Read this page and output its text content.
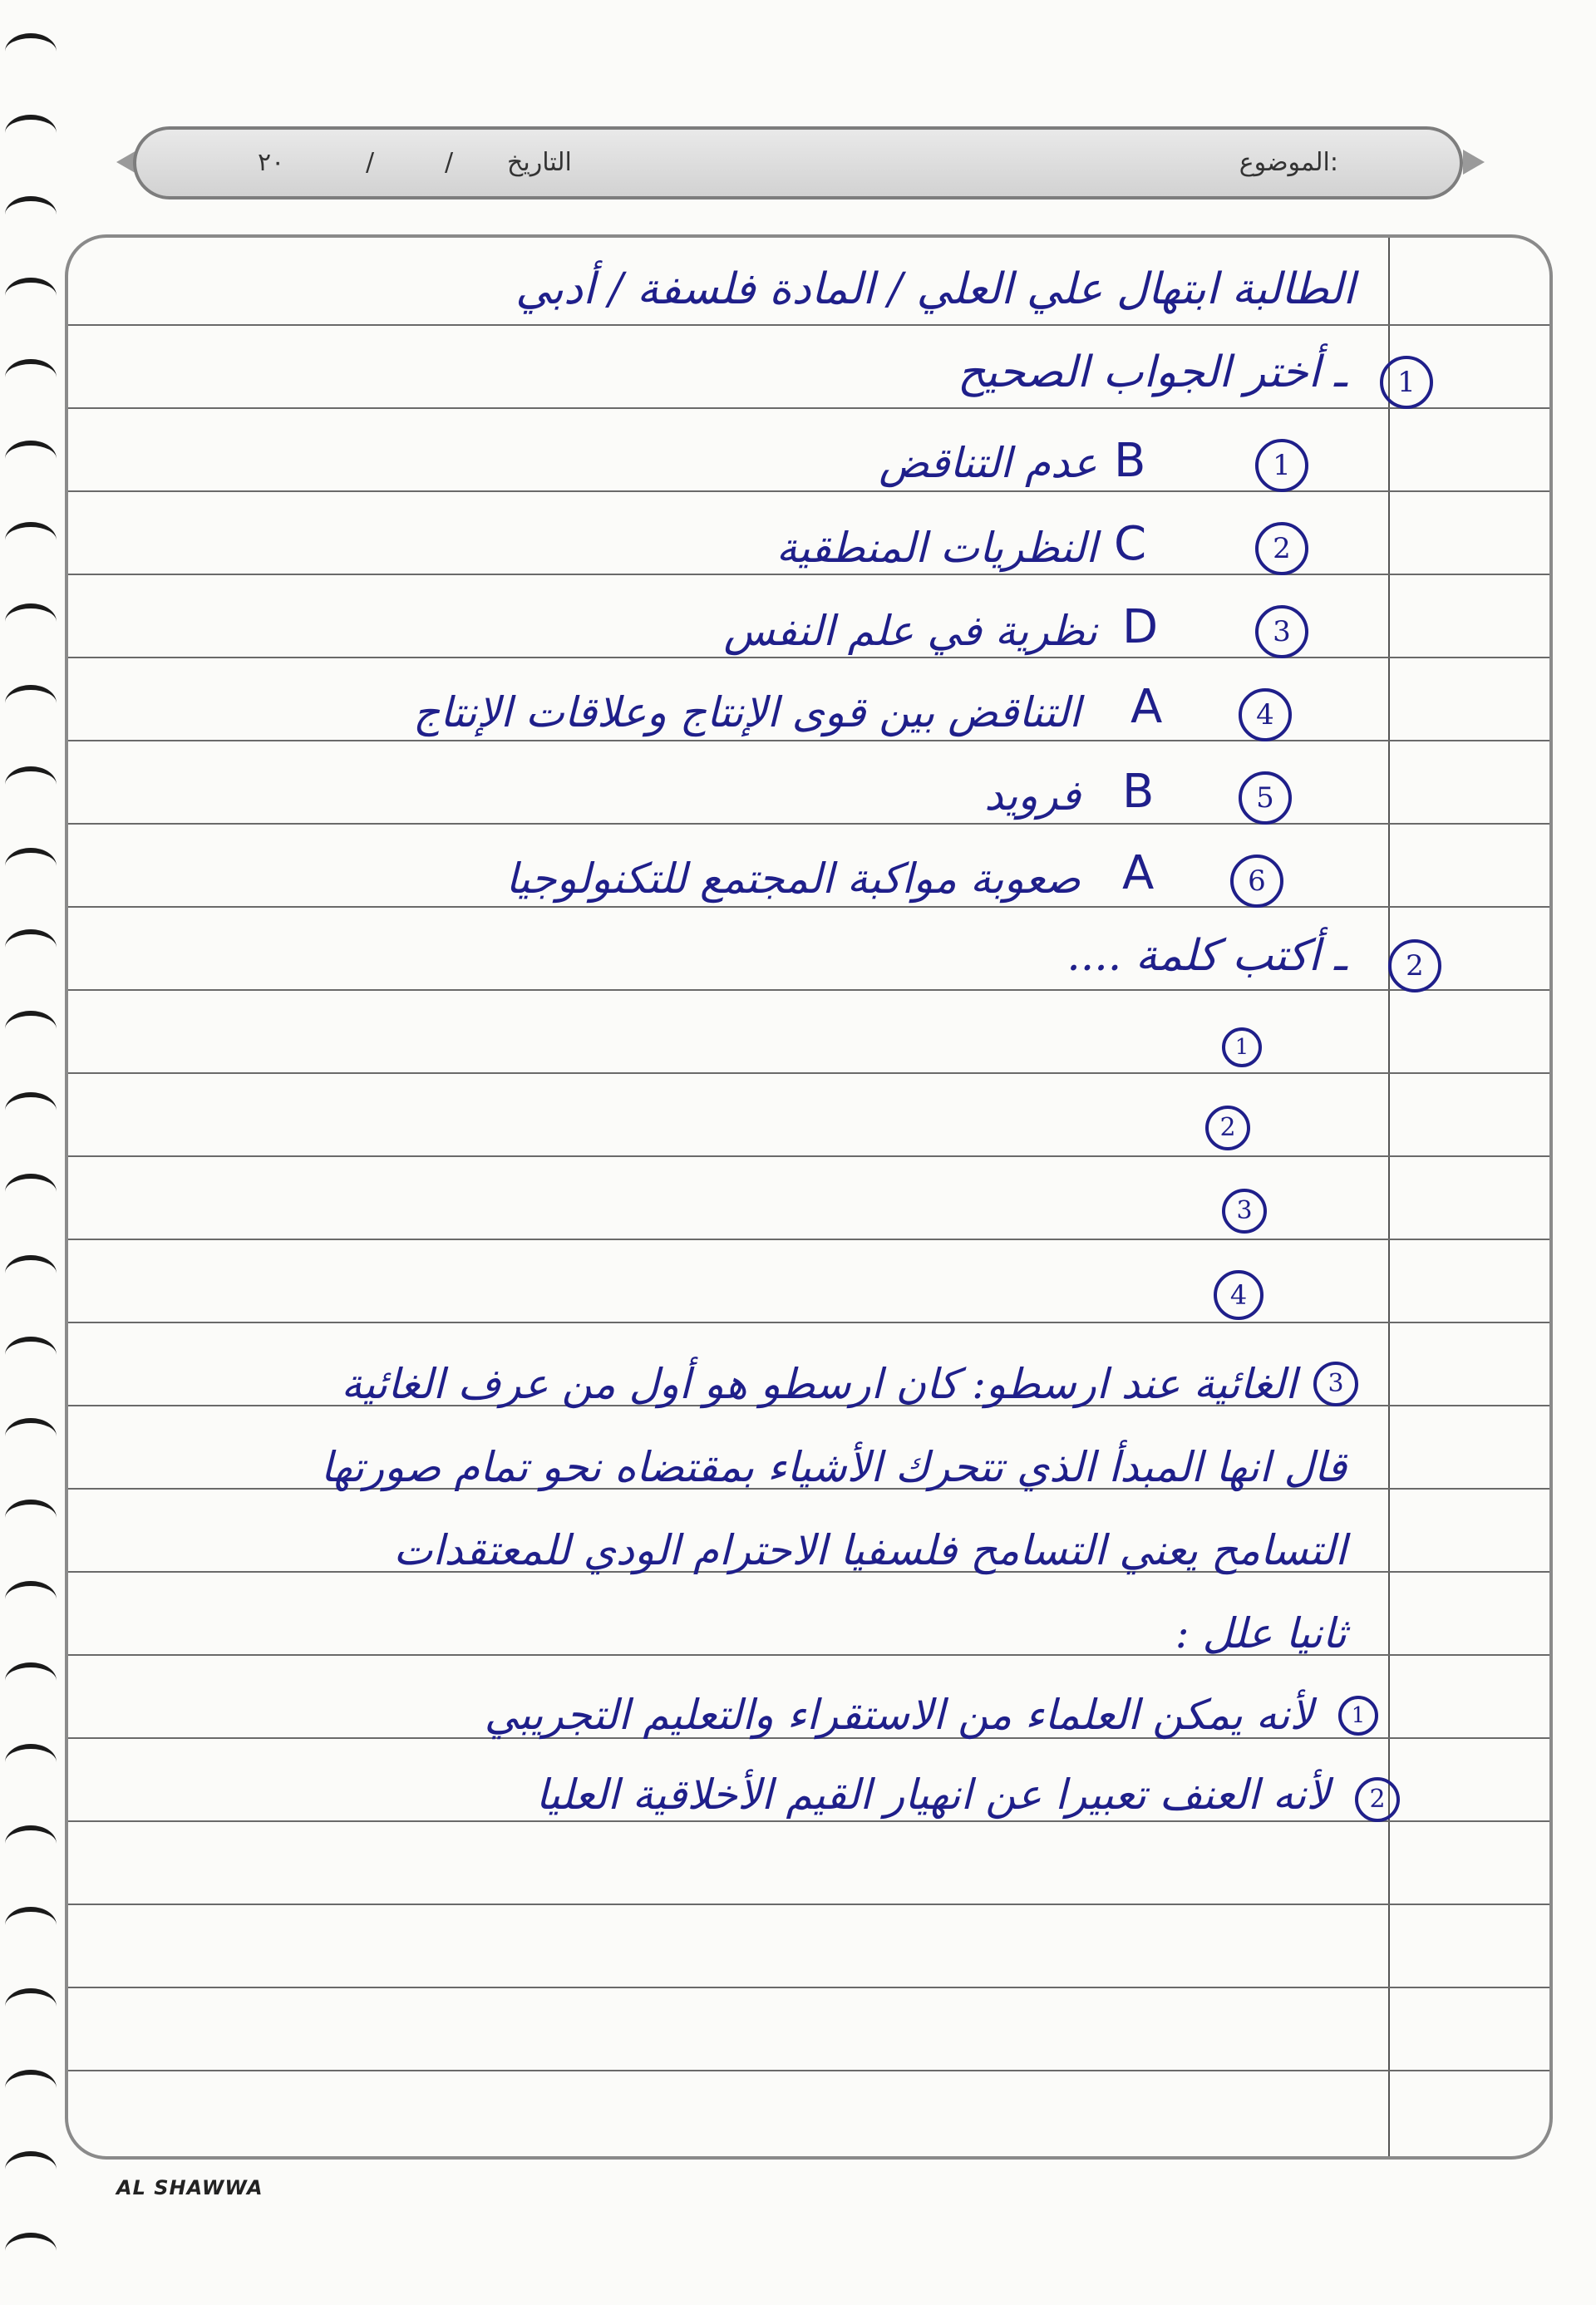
الموضوع:
التاريخ
/
/
٢٠
الطالبة ابتهال علي العلي / المادة فلسفة / أدبي
1
ـ أختر الجواب الصحيح
1
B
عدم التناقض
2
C
النظريات المنطقية
3
D
نظرية في علم النفس
4
A
التناقض بين قوى الإنتاج وعلاقات الإنتاج
5
B
فرويد
6
A
صعوبة مواكبة المجتمع للتكنولوجيا
2
ـ أكتب كلمة ....
1
2
3
4
3
الغائية عند ارسطو: كان ارسطو هو أول من عرف الغائية
قال انها المبدأ الذي تتحرك الأشياء بمقتضاه نحو تمام صورتها
التسامح يعني التسامح فلسفيا الاحترام الودي للمعتقدات
ثانيا علل :
1
لأنه يمكن العلماء من الاستقراء والتعليم التجريبي
2
لأنه العنف تعبيرا عن انهيار القيم الأخلاقية العليا
AL SHAWWA
